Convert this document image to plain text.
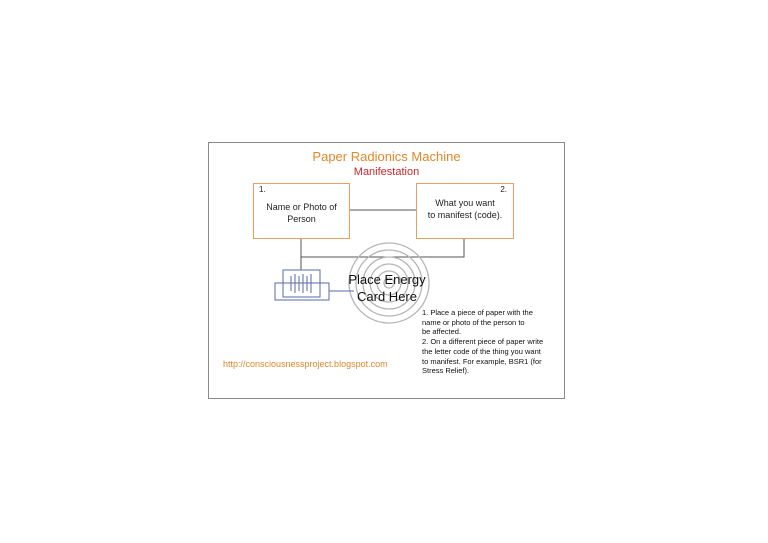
Paper Radionics Machine
Manifestation
1.
Name or Photo of
Person
2.
What you want
to manifest (code).
Place Energy
Card Here
1. Place a piece of paper with the
name or photo of the person to
be affected.
2. On a different piece of paper write
the letter code of the thing you want
to manifest. For example, BSR1 (for
Stress Relief).
http://consciousnessproject.blogspot.com
